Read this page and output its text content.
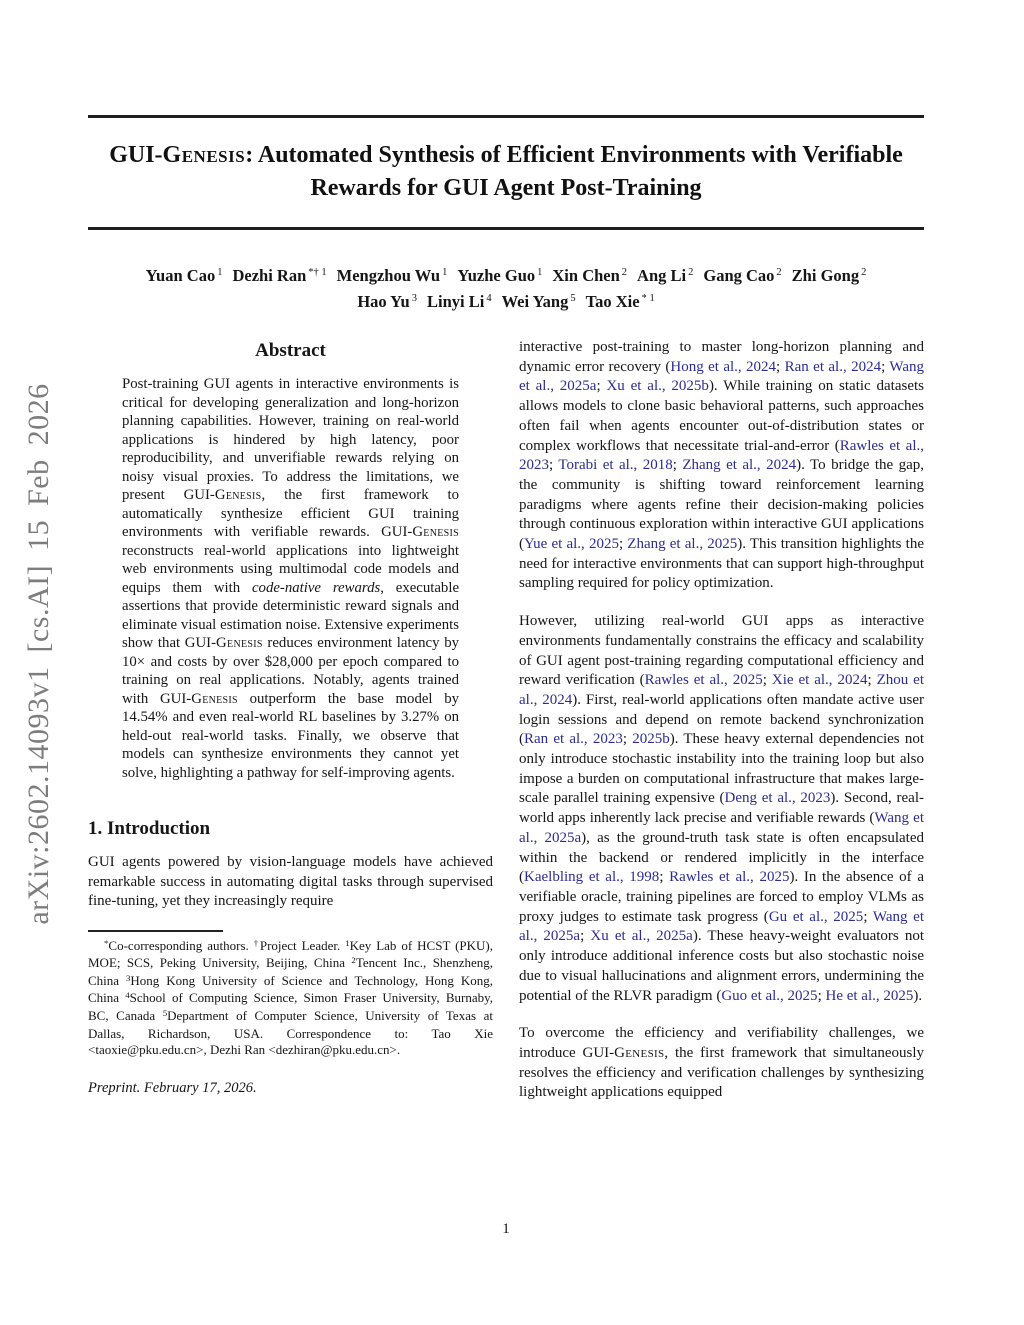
arXiv:2602.14093v1 [cs.AI] 15 Feb 2026
GUI-Genesis: Automated Synthesis of Efficient Environments with Verifiable
Rewards for GUI Agent Post-Training
Yuan Cao $^1$ Dezhi Ran $^{*\dagger 1}$ Mengzhou Wu $^1$ Yuzhe Guo $^1$ Xin Chen $^2$ Ang Li $^2$ Gang Cao $^2$ Zhi Gong $^2$
Hao Yu $^3$ Linyi Li $^4$ Wei Yang $^5$ Tao Xie $^{* 1}$
Abstract

Post-training GUI agents in interactive environments is critical for developing generalization and long-horizon planning capabilities. However, training on real-world applications is hindered by high latency, poor reproducibility, and unverifiable rewards relying on noisy visual proxies. To address the limitations, we present GUI-Genesis, the first framework to automatically synthesize efficient GUI training environments with verifiable rewards. GUI-Genesis reconstructs real-world applications into lightweight web environments using multimodal code models and equips them with code-native rewards, executable assertions that provide deterministic reward signals and eliminate visual estimation noise. Extensive experiments show that GUI-Genesis reduces environment latency by 10× and costs by over $28,000 per epoch compared to training on real applications. Notably, agents trained with GUI-Genesis outperform the base model by 14.54% and even real-world RL baselines by 3.27% on held-out real-world tasks. Finally, we observe that models can synthesize environments they cannot yet solve, highlighting a pathway for self-improving agents.

1. Introduction

GUI agents powered by vision-language models have achieved remarkable success in automating digital tasks through supervised fine-tuning, yet they increasingly require

*Co-corresponding authors. †Project Leader. $^1$Key Lab of HCST (PKU), MOE; SCS, Peking University, Beijing, China $^2$Tencent Inc., Shenzheng, China $^3$Hong Kong University of Science and Technology, Hong Kong, China $^4$School of Computing Science, Simon Fraser University, Burnaby, BC, Canada $^5$Department of Computer Science, University of Texas at Dallas, Richardson, USA. Correspondence to: Tao Xie <taoxie@pku.edu.cn>, Dezhi Ran <dezhiran@pku.edu.cn>.

Preprint. February 17, 2026.

interactive post-training to master long-horizon planning and dynamic error recovery (Hong et al., 2024; Ran et al., 2024; Wang et al., 2025a; Xu et al., 2025b). While training on static datasets allows models to clone basic behavioral patterns, such approaches often fail when agents encounter out-of-distribution states or complex workflows that necessitate trial-and-error (Rawles et al., 2023; Torabi et al., 2018; Zhang et al., 2024). To bridge the gap, the community is shifting toward reinforcement learning paradigms where agents refine their decision-making policies through continuous exploration within interactive GUI applications (Yue et al., 2025; Zhang et al., 2025). This transition highlights the need for interactive environments that can support high-throughput sampling required for policy optimization.

However, utilizing real-world GUI apps as interactive environments fundamentally constrains the efficacy and scalability of GUI agent post-training regarding computational efficiency and reward verification (Rawles et al., 2025; Xie et al., 2024; Zhou et al., 2024). First, real-world applications often mandate active user login sessions and depend on remote backend synchronization (Ran et al., 2023; 2025b). These heavy external dependencies not only introduce stochastic instability into the training loop but also impose a burden on computational infrastructure that makes large-scale parallel training expensive (Deng et al., 2023). Second, real-world apps inherently lack precise and verifiable rewards (Wang et al., 2025a), as the ground-truth task state is often encapsulated within the backend or rendered implicitly in the interface (Kaelbling et al., 1998; Rawles et al., 2025). In the absence of a verifiable oracle, training pipelines are forced to employ VLMs as proxy judges to estimate task progress (Gu et al., 2025; Wang et al., 2025a; Xu et al., 2025a). These heavy-weight evaluators not only introduce additional inference costs but also stochastic noise due to visual hallucinations and alignment errors, undermining the potential of the RLVR paradigm (Guo et al., 2025; He et al., 2025).

To overcome the efficiency and verifiability challenges, we introduce GUI-Genesis, the first framework that simultaneously resolves the efficiency and verification challenges by synthesizing lightweight applications equipped

1
